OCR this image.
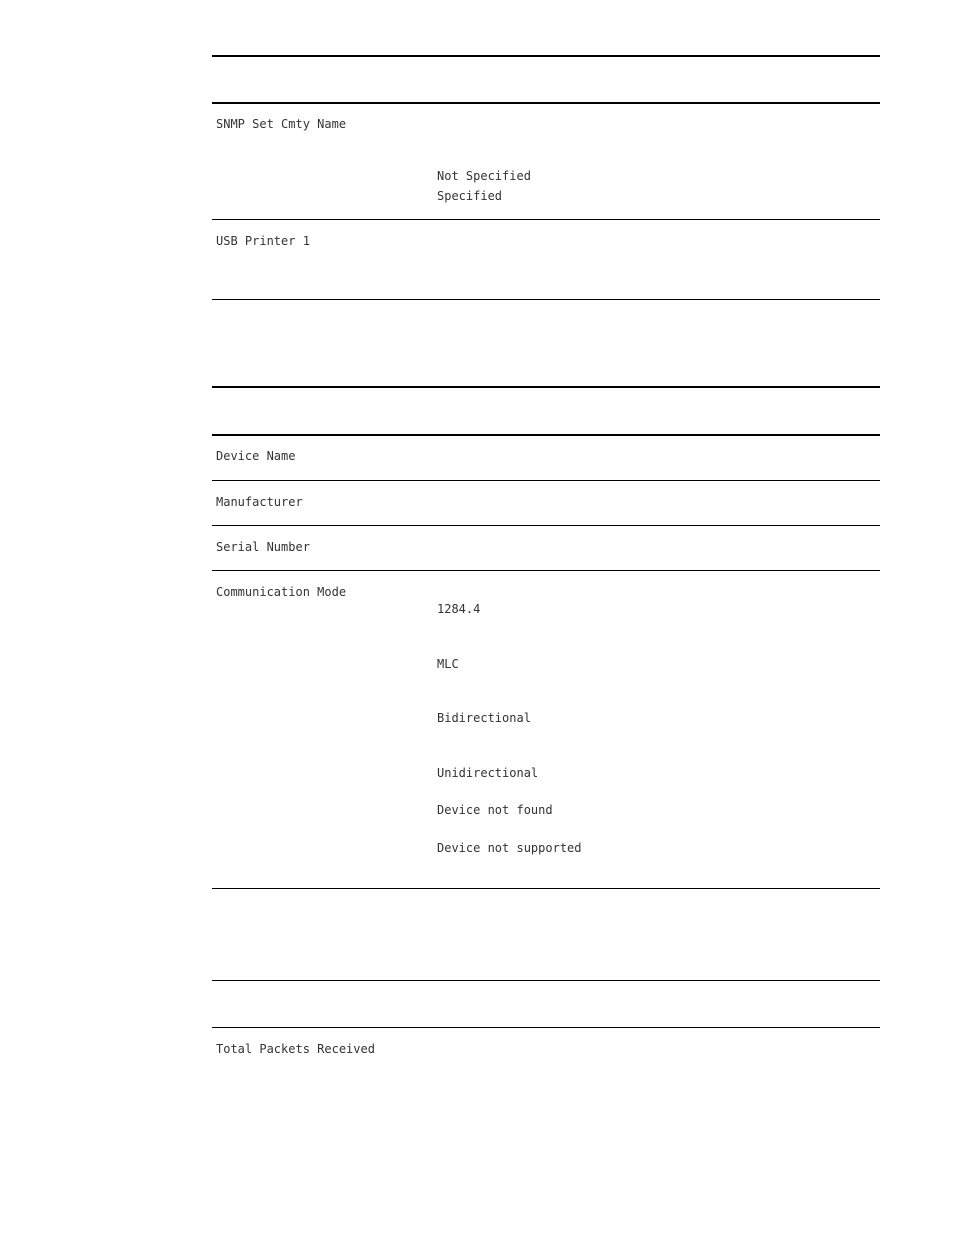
SNMP Set Cmty Name
Not Specified
Specified
USB Printer 1
Device Name
Manufacturer
Serial Number
Communication Mode
1284.4
MLC
Bidirectional
Unidirectional
Device not found
Device not supported
Total Packets Received
